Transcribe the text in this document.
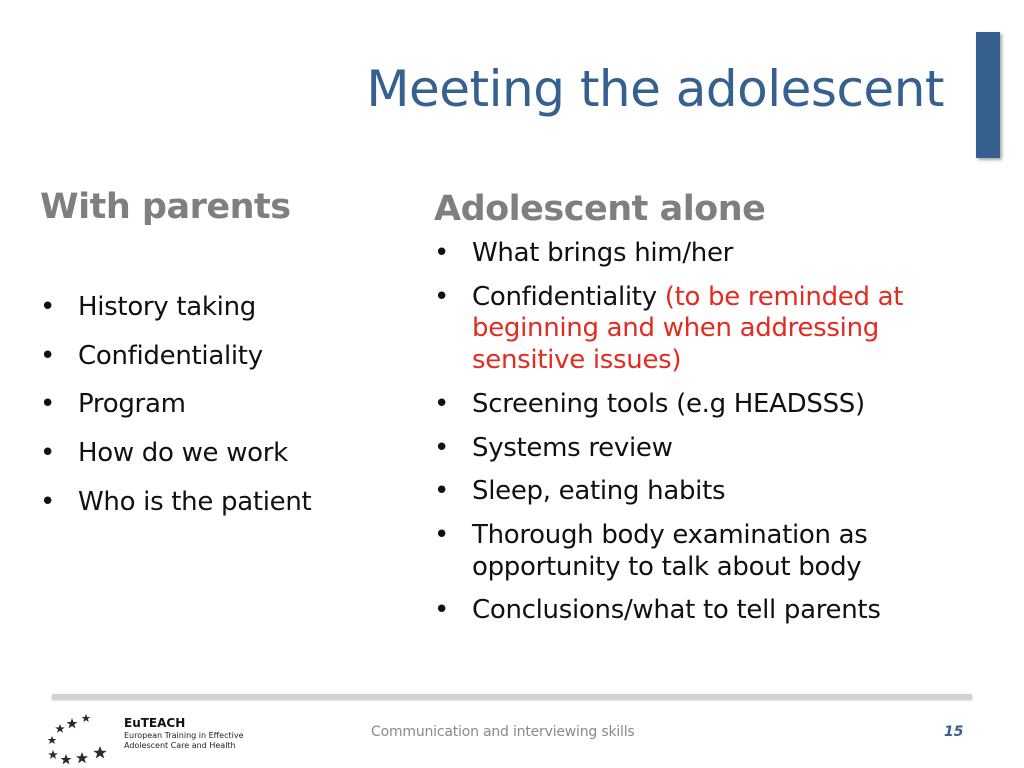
Meeting the adolescent
With parents
• History taking
• Confidentiality
• Program
• How do we work
• Who is the patient
Adolescent alone
• What brings him/her
• Confidentiality (to be reminded at beginning and when addressing sensitive issues)
• Screening tools (e.g HEADSSS)
• Systems review
• Sleep, eating habits
• Thorough body examination as opportunity to talk about body
• Conclusions/what to tell parents
EuTEACH
European Training in Effective Adolescent Care and Health
Communication and interviewing skills	15
